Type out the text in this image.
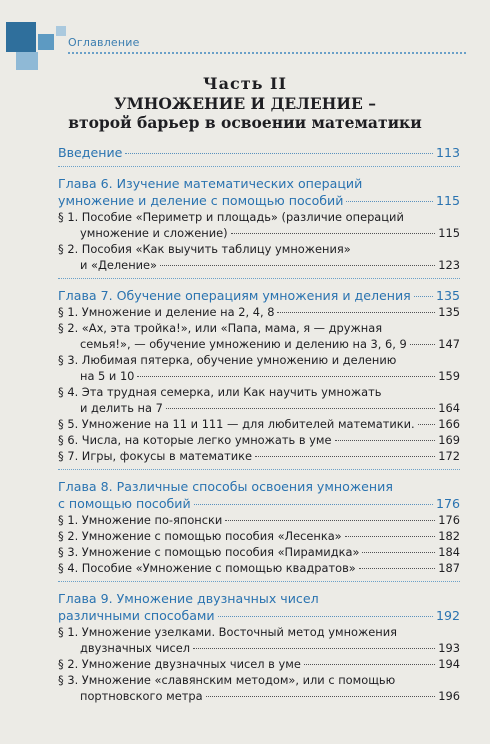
Оглавление
Часть II
УМНОЖЕНИЕ И ДЕЛЕНИЕ –
второй барьер в освоении математики
Введение	113
Глава 6. Изучение математических операций
умножение и деление с помощью пособий	115
§ 1. Пособие «Периметр и площадь» (различие операций
умножение и сложение)	115
§ 2. Пособия «Как выучить таблицу умножения»
и «Деление»	123
Глава 7. Обучение операциям умножения и деления 135
§ 1. Умножение и деление на 2, 4, 8	135
§ 2. «Ах, эта тройка!», или «Папа, мама, я — дружная
семья!», — обучение умножению и делению на 3, 6, 9	147
§ 3. Любимая пятерка, обучение умножению и делению
на 5 и 10	159
§ 4. Эта трудная семерка, или Как научить умножать
и делить на 7	164
§ 5. Умножение на 11 и 111 — для любителей математики. 166
§ 6. Числа, на которые легко умножать в уме	169
§ 7. Игры, фокусы в математике	172
Глава 8. Различные способы освоения умножения
с помощью пособий	176
§ 1. Умножение по-японски	176
§ 2. Умножение с помощью пособия «Лесенка»	182
§ 3. Умножение с помощью пособия «Пирамидка»	184
§ 4. Пособие «Умножение с помощью квадратов»	187
Глава 9. Умножение двузначных чисел
различными способами	192
§ 1. Умножение узелками. Восточный метод умножения
двузначных чисел	193
§ 2. Умножение двузначных чисел в уме	194
§ 3. Умножение «славянским методом», или с помощью
портновского метра	196
